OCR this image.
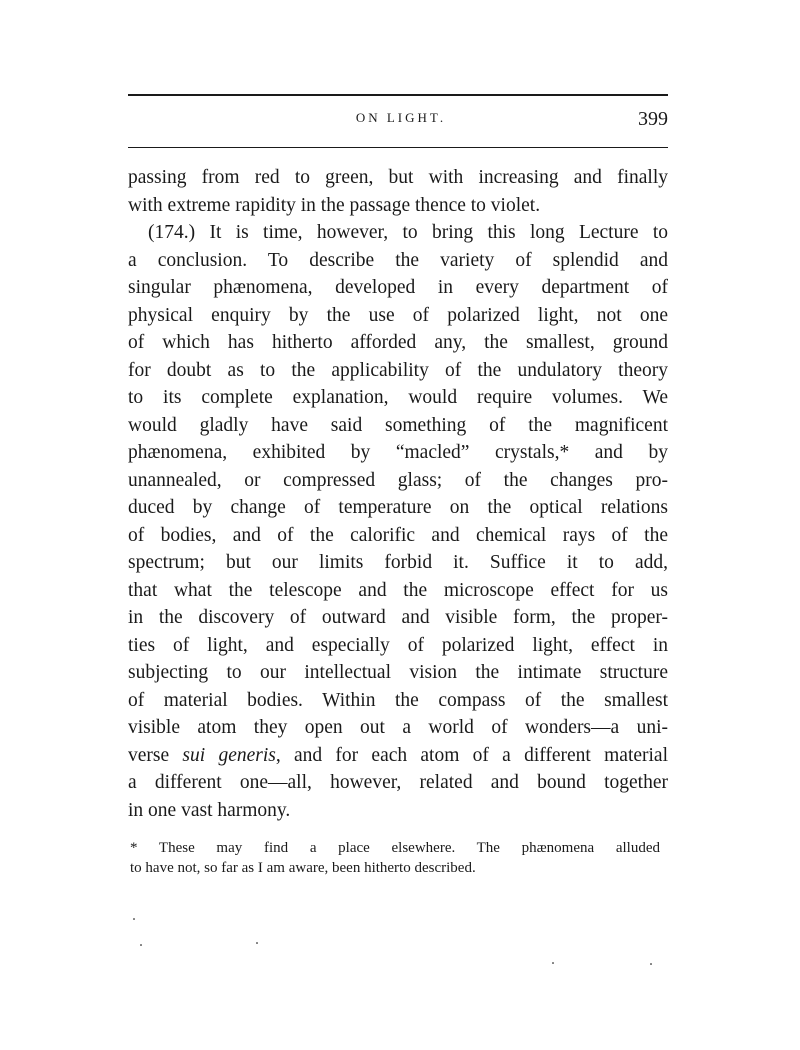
ON LIGHT.	399
passing from red to green, but with increasing and finally
with extreme rapidity in the passage thence to violet.
(174.) It is time, however, to bring this long Lecture to
a conclusion. To describe the variety of splendid and
singular phænomena, developed in every department of
physical enquiry by the use of polarized light, not one
of which has hitherto afforded any, the smallest, ground
for doubt as to the applicability of the undulatory theory
to its complete explanation, would require volumes. We
would gladly have said something of the magnificent
phænomena, exhibited by “macled” crystals,* and by
unannealed, or compressed glass; of the changes pro-
duced by change of temperature on the optical relations
of bodies, and of the calorific and chemical rays of the
spectrum; but our limits forbid it. Suffice it to add,
that what the telescope and the microscope effect for us
in the discovery of outward and visible form, the proper-
ties of light, and especially of polarized light, effect in
subjecting to our intellectual vision the intimate structure
of material bodies. Within the compass of the smallest
visible atom they open out a world of wonders—a uni-
verse sui generis, and for each atom of a different material
a different one—all, however, related and bound together
in one vast harmony.
* These may find a place elsewhere. The phænomena alluded
to have not, so far as I am aware, been hitherto described.
